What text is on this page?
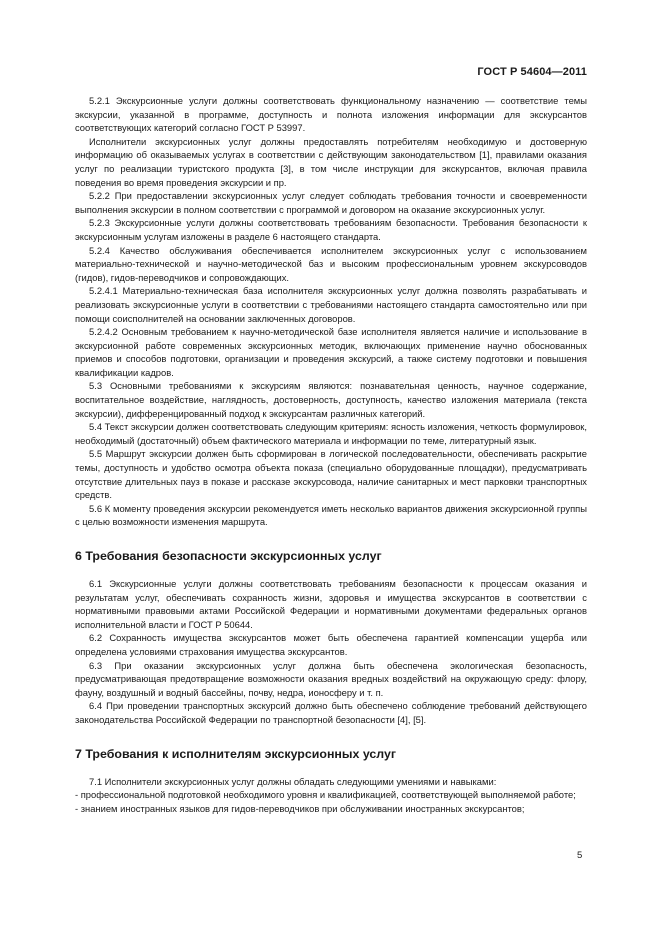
ГОСТ Р 54604—2011

5.2.1 Экскурсионные услуги должны соответствовать функциональному назначению — соответствие темы экскурсии, указанной в программе, доступность и полнота изложения информации для экскурсантов соответствующих категорий согласно ГОСТ Р 53997.

Исполнители экскурсионных услуг должны предоставлять потребителям необходимую и достоверную информацию об оказываемых услугах в соответствии с действующим законодательством [1], правилами оказания услуг по реализации туристского продукта [3], в том числе инструкции для экскурсантов, включая правила поведения во время проведения экскурсии и пр.

5.2.2 При предоставлении экскурсионных услуг следует соблюдать требования точности и своевременности выполнения экскурсии в полном соответствии с программой и договором на оказание экскурсионных услуг.

5.2.3 Экскурсионные услуги должны соответствовать требованиям безопасности. Требования безопасности к экскурсионным услугам изложены в разделе 6 настоящего стандарта.

5.2.4 Качество обслуживания обеспечивается исполнителем экскурсионных услуг с использованием материально-технической и научно-методической баз и высоким профессиональным уровнем экскурсоводов (гидов), гидов-переводчиков и сопровождающих.

5.2.4.1 Материально-техническая база исполнителя экскурсионных услуг должна позволять разрабатывать и реализовать экскурсионные услуги в соответствии с требованиями настоящего стандарта самостоятельно или при помощи соисполнителей на основании заключенных договоров.

5.2.4.2 Основным требованием к научно-методической базе исполнителя является наличие и использование в экскурсионной работе современных экскурсионных методик, включающих применение научно обоснованных приемов и способов подготовки, организации и проведения экскурсий, а также систему подготовки и повышения квалификации кадров.

5.3 Основными требованиями к экскурсиям являются: познавательная ценность, научное содержание, воспитательное воздействие, наглядность, достоверность, доступность, качество изложения материала (текста экскурсии), дифференцированный подход к экскурсантам различных категорий.

5.4 Текст экскурсии должен соответствовать следующим критериям: ясность изложения, четкость формулировок, необходимый (достаточный) объем фактического материала и информации по теме, литературный язык.

5.5 Маршрут экскурсии должен быть сформирован в логической последовательности, обеспечивать раскрытие темы, доступность и удобство осмотра объекта показа (специально оборудованные площадки), предусматривать отсутствие длительных пауз в показе и рассказе экскурсовода, наличие санитарных и мест парковки транспортных средств.

5.6 К моменту проведения экскурсии рекомендуется иметь несколько вариантов движения экскурсионной группы с целью возможности изменения маршрута.

6 Требования безопасности экскурсионных услуг

6.1 Экскурсионные услуги должны соответствовать требованиям безопасности к процессам оказания и результатам услуг, обеспечивать сохранность жизни, здоровья и имущества экскурсантов в соответствии с нормативными правовыми актами Российской Федерации и нормативными документами федеральных органов исполнительной власти и ГОСТ Р 50644.

6.2 Сохранность имущества экскурсантов может быть обеспечена гарантией компенсации ущерба или определена условиями страхования имущества экскурсантов.

6.3 При оказании экскурсионных услуг должна быть обеспечена экологическая безопасность, предусматривающая предотвращение возможности оказания вредных воздействий на окружающую среду: флору, фауну, воздушный и водный бассейны, почву, недра, ионосферу и т. п.

6.4 При проведении транспортных экскурсий должно быть обеспечено соблюдение требований действующего законодательства Российской Федерации по транспортной безопасности [4], [5].

7 Требования к исполнителям экскурсионных услуг

7.1 Исполнители экскурсионных услуг должны обладать следующими умениями и навыками:

- профессиональной подготовкой необходимого уровня и квалификацией, соответствующей выполняемой работе;

- знанием иностранных языков для гидов-переводчиков при обслуживании иностранных экскурсантов;

5
